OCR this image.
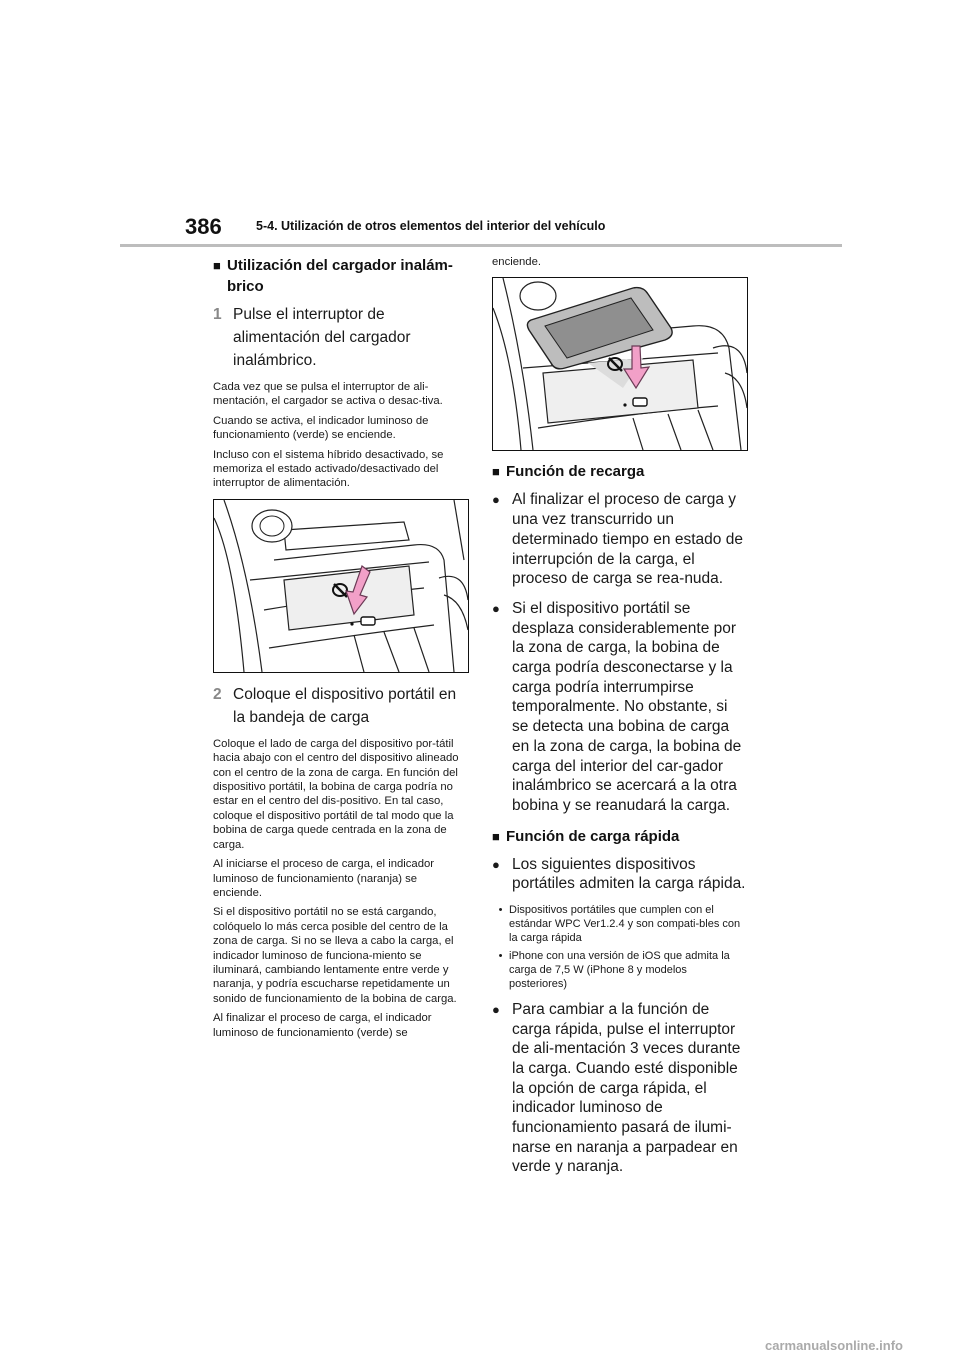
386	5-4. Utilización de otros elementos del interior del vehículo
■ Utilización del cargador inalám-brico
1 Pulse el interruptor de alimentación del cargador inalámbrico.

Cada vez que se pulsa el interruptor de ali-mentación, el cargador se activa o desac-tiva.

Cuando se activa, el indicador luminoso de funcionamiento (verde) se enciende.

Incluso con el sistema híbrido desactivado, se memoriza el estado activado/desactivado del interruptor de alimentación.

2 Coloque el dispositivo portátil en la bandeja de carga

Coloque el lado de carga del dispositivo por-tátil hacia abajo con el centro del dispositivo alineado con el centro de la zona de carga. En función del dispositivo portátil, la bobina de carga podría no estar en el centro del dis-positivo. En tal caso, coloque el dispositivo portátil de tal modo que la bobina de carga quede centrada en la zona de carga.

Al iniciarse el proceso de carga, el indicador luminoso de funcionamiento (naranja) se enciende.

Si el dispositivo portátil no se está cargando, colóquelo lo más cerca posible del centro de la zona de carga. Si no se lleva a cabo la carga, el indicador luminoso de funciona-miento se iluminará, cambiando lentamente entre verde y naranja, y podría escucharse repetidamente un sonido de funcionamiento de la bobina de carga.

Al finalizar el proceso de carga, el indicador luminoso de funcionamiento (verde) se

enciende.

■ Función de recarga
● Al finalizar el proceso de carga y una vez transcurrido un determinado tiempo en estado de interrupción de la carga, el proceso de carga se rea-nuda.
● Si el dispositivo portátil se desplaza considerablemente por la zona de carga, la bobina de carga podría desconectarse y la carga podría interrumpirse temporalmente. No obstante, si se detecta una bobina de carga en la zona de carga, la bobina de carga del interior del car-gador inalámbrico se acercará a la otra bobina y se reanudará la carga.
■ Función de carga rápida
● Los siguientes dispositivos portátiles admiten la carga rápida.
• Dispositivos portátiles que cumplen con el estándar WPC Ver1.2.4 y son compati-bles con la carga rápida
• iPhone con una versión de iOS que admita la carga de 7,5 W (iPhone 8 y modelos posteriores)
● Para cambiar a la función de carga rápida, pulse el interruptor de ali-mentación 3 veces durante la carga. Cuando esté disponible la opción de carga rápida, el indicador luminoso de funcionamiento pasará de ilumi-narse en naranja a parpadear en verde y naranja.
carmanualsonline.info
